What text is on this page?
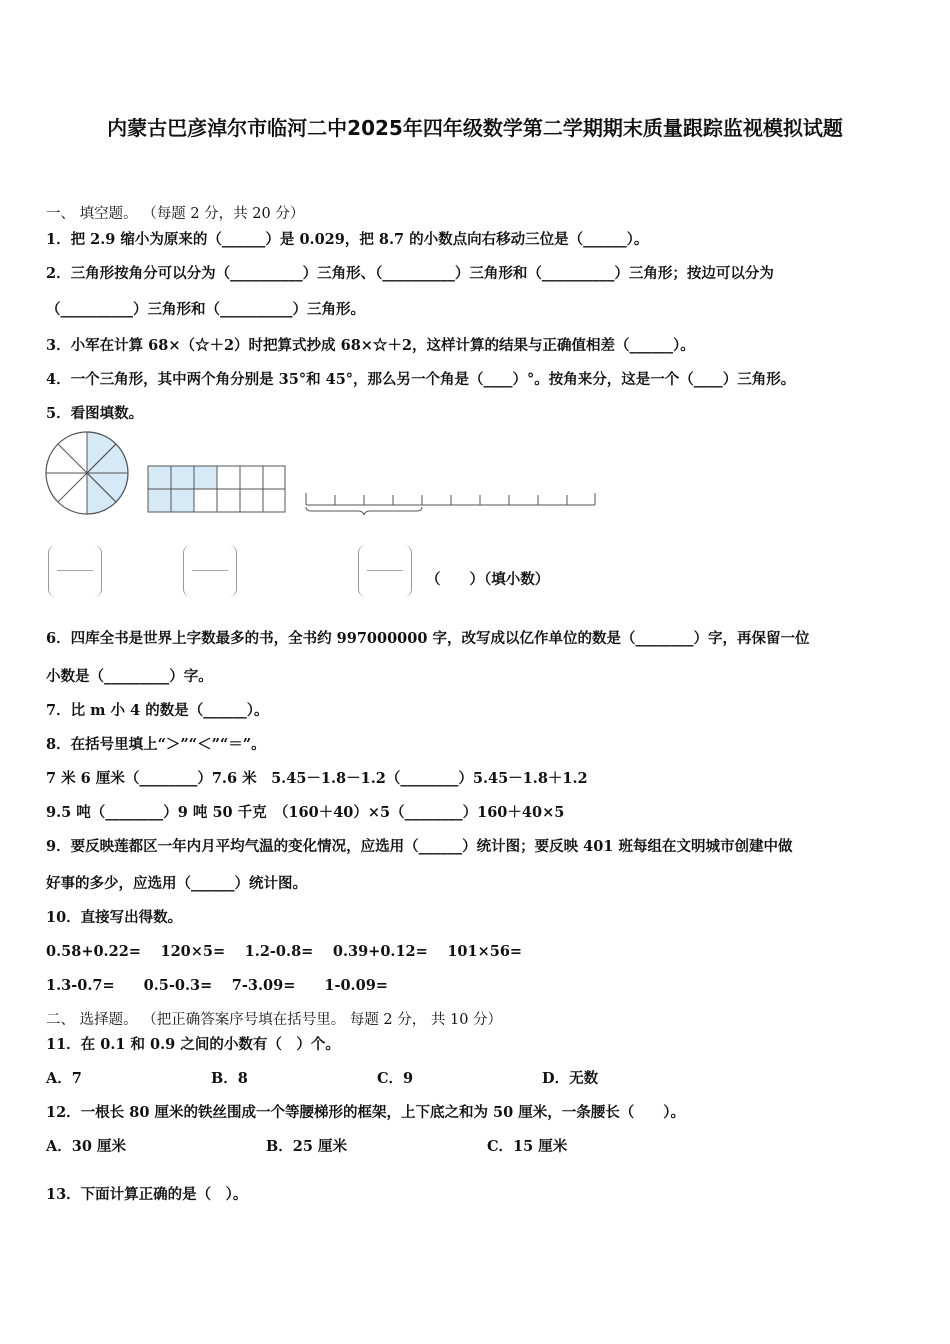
内蒙古巴彦淖尔市临河二中2025年四年级数学第二学期期末质量跟踪监视模拟试题
一、 填空题。 （每题 2 分，共 20 分）
1．把 2.9 缩小为原来的（______）是 0.029，把 8.7 的小数点向右移动三位是（______）。
2．三角形按角分可以分为（__________）三角形、（__________）三角形和（__________）三角形；按边可以分为
（__________）三角形和（__________）三角形。
3．小军在计算 68×（☆＋2）时把算式抄成 68×☆＋2，这样计算的结果与正确值相差（______）。
4．一个三角形，其中两个角分别是 35°和 45°，那么另一个角是（____）°。按角来分，这是一个（____）三角形。
5．看图填数。
（　　）（填小数）
6．四库全书是世界上字数最多的书，全书约 997000000 字，改写成以亿作单位的数是（________）字，再保留一位
小数是（_________）字。
7．比 m 小 4 的数是（______）。
8．在括号里填上“＞”“＜”“＝”。
7 米 6 厘米（________）7.6 米　5.45－1.8－1.2（________）5.45－1.8＋1.2
9.5 吨（________）9 吨 50 千克　（160＋40）×5（________）160＋40×5
9．要反映莲都区一年内月平均气温的变化情况，应选用（______）统计图；要反映 401 班每组在文明城市创建中做
好事的多少，应选用（______）统计图。
10．直接写出得数。
0.58+0.22=　 120×5=　 1.2-0.8=　 0.39+0.12=　 101×56=
1.3-0.7=　　0.5-0.3=　 7-3.09=　　1-0.09=
二、 选择题。 （把正确答案序号填在括号里。 每题 2 分， 共 10 分）
11．在 0.1 和 0.9 之间的小数有（　）个。
A．7	B．8	C．9	D．无数
12．一根长 80 厘米的铁丝围成一个等腰梯形的框架，上下底之和为 50 厘米，一条腰长（　　）。
A．30 厘米	B．25 厘米	C．15 厘米
13．下面计算正确的是（　）。
